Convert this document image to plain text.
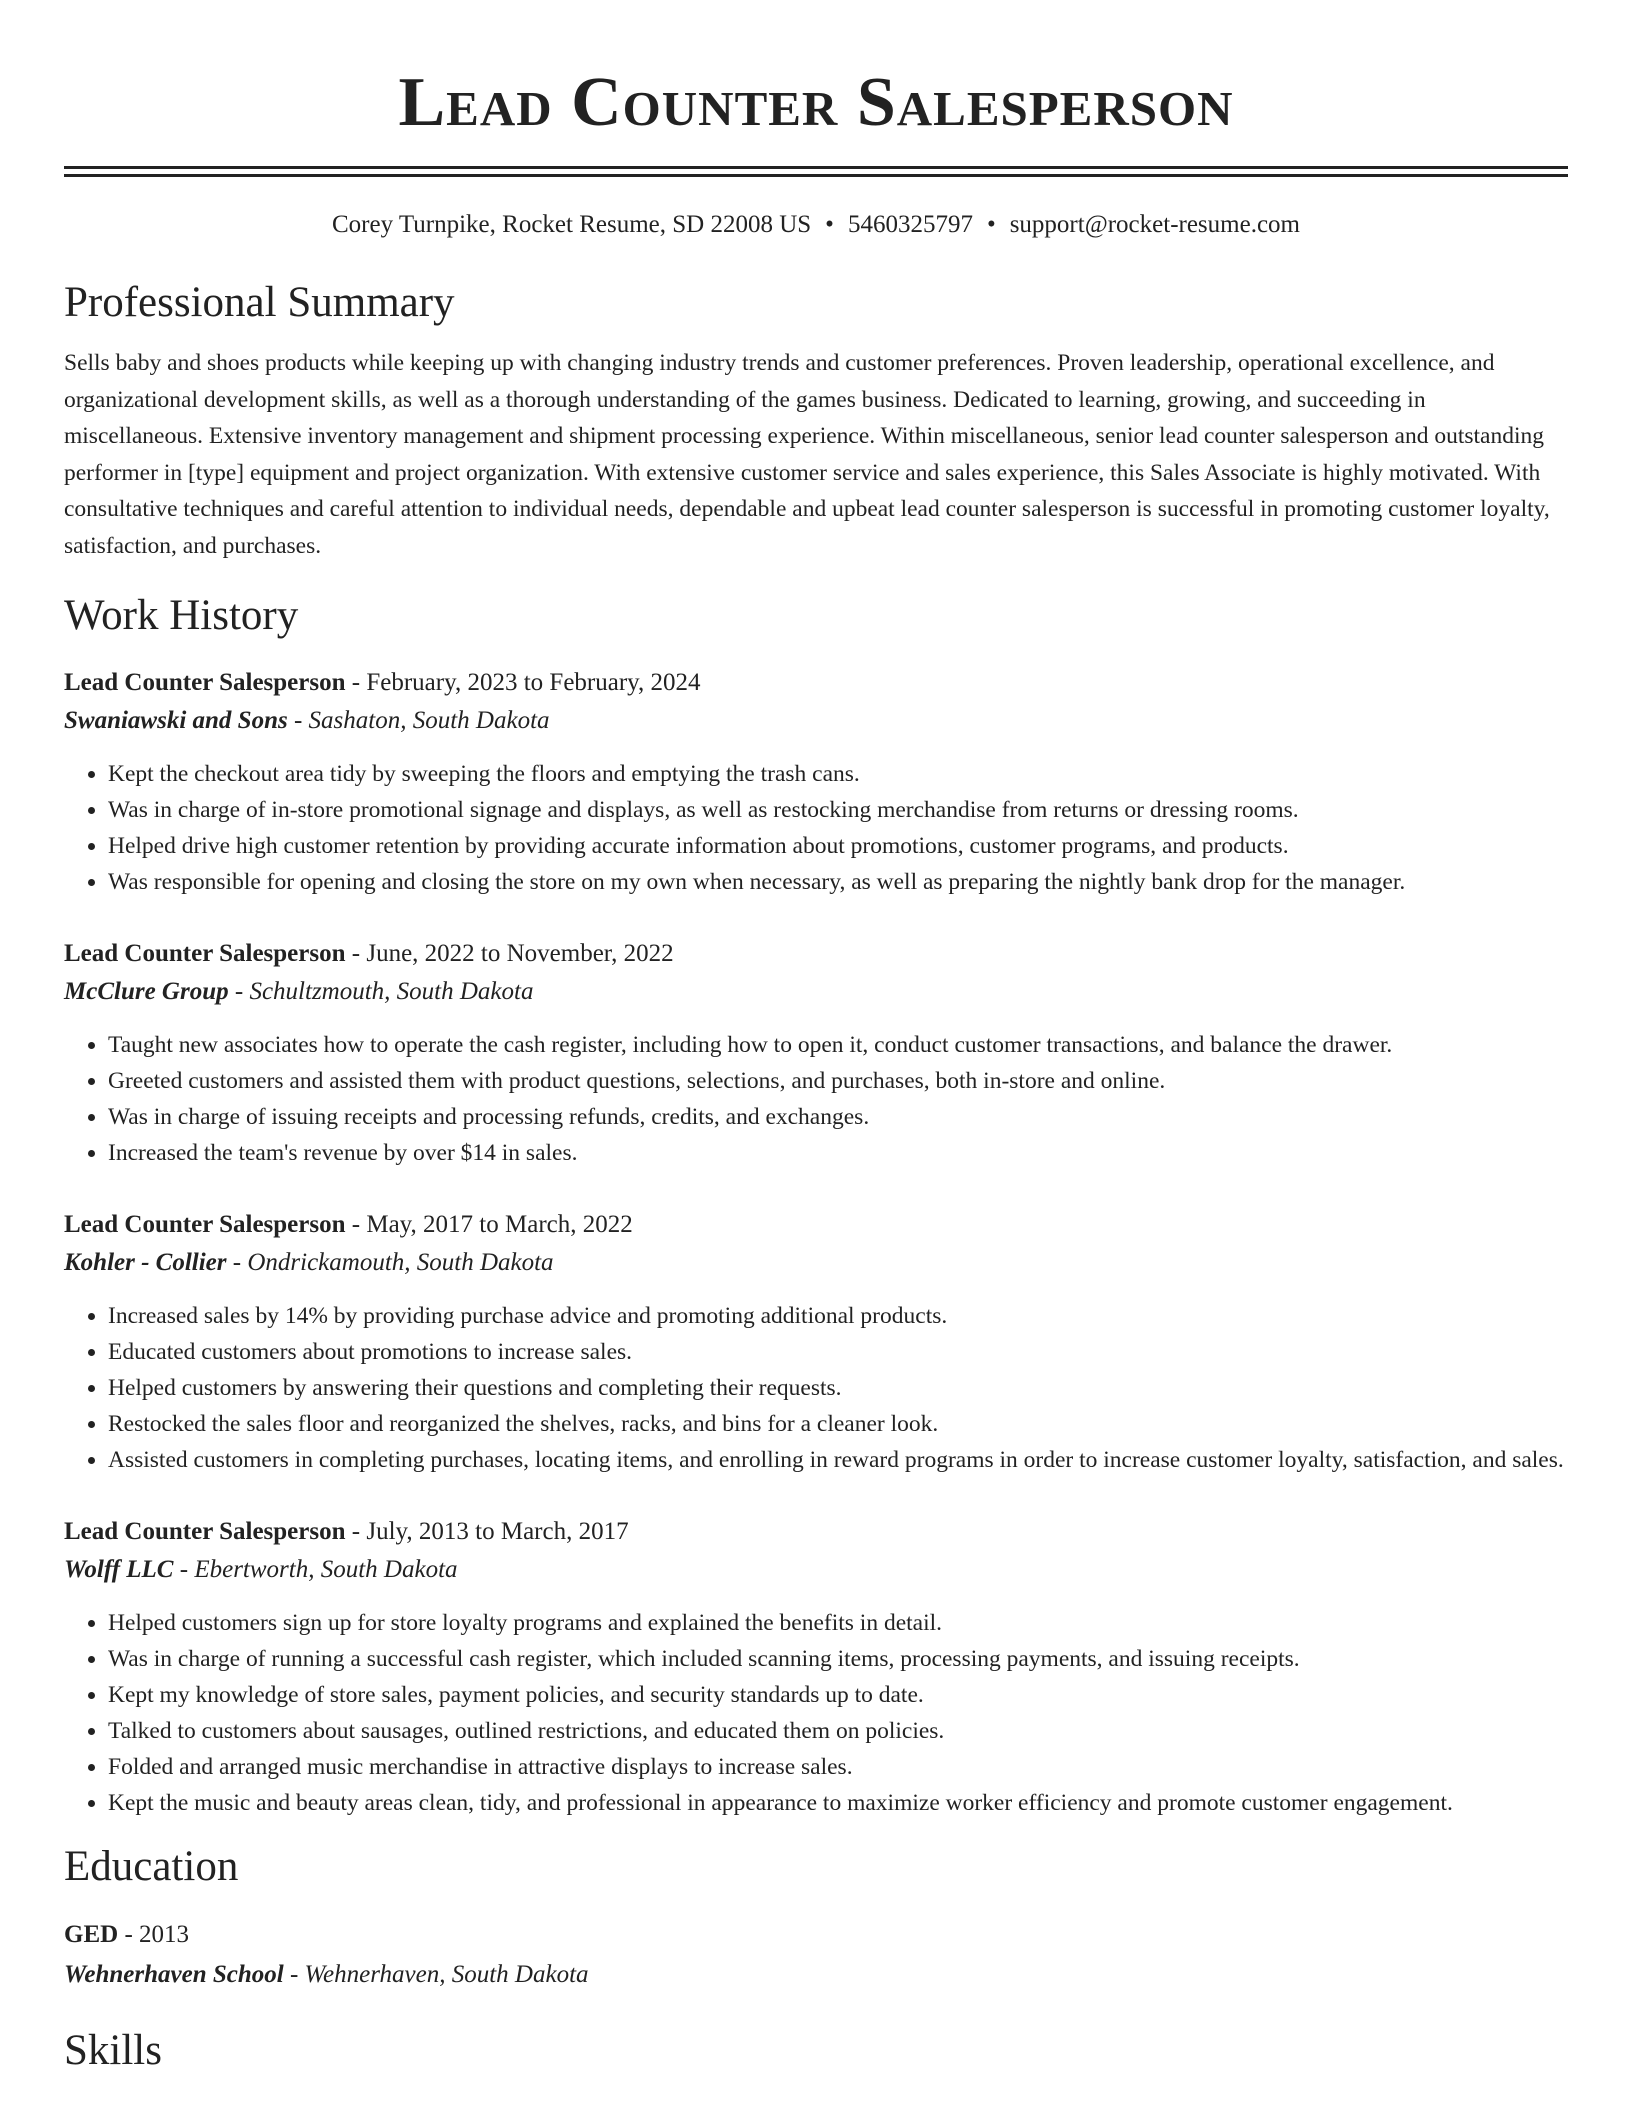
Lead Counter Salesperson
Corey Turnpike, Rocket Resume, SD 22008 US • 5460325797 • support@rocket-resume.com
Professional Summary
Sells baby and shoes products while keeping up with changing industry trends and customer preferences. Proven leadership, operational excellence, and organizational development skills, as well as a thorough understanding of the games business. Dedicated to learning, growing, and succeeding in miscellaneous. Extensive inventory management and shipment processing experience. Within miscellaneous, senior lead counter salesperson and outstanding performer in [type] equipment and project organization. With extensive customer service and sales experience, this Sales Associate is highly motivated. With consultative techniques and careful attention to individual needs, dependable and upbeat lead counter salesperson is successful in promoting customer loyalty, satisfaction, and purchases.
Work History
Lead Counter Salesperson - February, 2023 to February, 2024
Swaniawski and Sons - Sashaton, South Dakota
• Kept the checkout area tidy by sweeping the floors and emptying the trash cans.
• Was in charge of in-store promotional signage and displays, as well as restocking merchandise from returns or dressing rooms.
• Helped drive high customer retention by providing accurate information about promotions, customer programs, and products.
• Was responsible for opening and closing the store on my own when necessary, as well as preparing the nightly bank drop for the manager.
Lead Counter Salesperson - June, 2022 to November, 2022
McClure Group - Schultzmouth, South Dakota
• Taught new associates how to operate the cash register, including how to open it, conduct customer transactions, and balance the drawer.
• Greeted customers and assisted them with product questions, selections, and purchases, both in-store and online.
• Was in charge of issuing receipts and processing refunds, credits, and exchanges.
• Increased the team's revenue by over $14 in sales.
Lead Counter Salesperson - May, 2017 to March, 2022
Kohler - Collier - Ondrickamouth, South Dakota
• Increased sales by 14% by providing purchase advice and promoting additional products.
• Educated customers about promotions to increase sales.
• Helped customers by answering their questions and completing their requests.
• Restocked the sales floor and reorganized the shelves, racks, and bins for a cleaner look.
• Assisted customers in completing purchases, locating items, and enrolling in reward programs in order to increase customer loyalty, satisfaction, and sales.
Lead Counter Salesperson - July, 2013 to March, 2017
Wolff LLC - Ebertworth, South Dakota
• Helped customers sign up for store loyalty programs and explained the benefits in detail.
• Was in charge of running a successful cash register, which included scanning items, processing payments, and issuing receipts.
• Kept my knowledge of store sales, payment policies, and security standards up to date.
• Talked to customers about sausages, outlined restrictions, and educated them on policies.
• Folded and arranged music merchandise in attractive displays to increase sales.
• Kept the music and beauty areas clean, tidy, and professional in appearance to maximize worker efficiency and promote customer engagement.
Education
GED - 2013
Wehnerhaven School - Wehnerhaven, South Dakota
Skills
